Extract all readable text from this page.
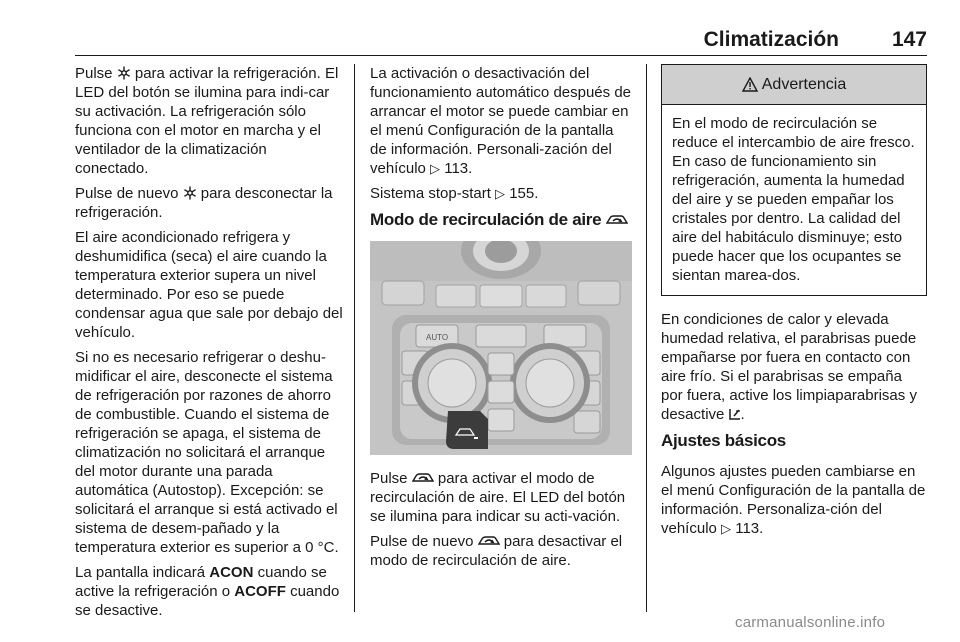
Climatización	147

Pulse  para activar la refrigeración. El LED del botón se ilumina para indi-car su activación. La refrigeración sólo funciona con el motor en marcha y el ventilador de la climatización conectado.

Pulse de nuevo  para desconectar la refrigeración.

El aire acondicionado refrigera y deshumidifica (seca) el aire cuando la temperatura exterior supera un nivel determinado. Por eso se puede condensar agua que sale por debajo del vehículo.

Si no es necesario refrigerar o deshu-midificar el aire, desconecte el sistema de refrigeración por razones de ahorro de combustible. Cuando el sistema de refrigeración se apaga, el sistema de climatización no solicitará el arranque del motor durante una parada automática (Autostop). Excepción: se solicitará el arranque si está activado el sistema de desem-pañado y la temperatura exterior es superior a 0 °C.

La pantalla indicará ACON cuando se active la refrigeración o ACOFF cuando se desactive.

La activación o desactivación del funcionamiento automático después de arrancar el motor se puede cambiar en el menú Configuración de la pantalla de información. Personali-zación del vehículo ▷ 113.

Sistema stop-start ▷ 155.

Modo de recirculación de aire
AUTO

Pulse  para activar el modo de recirculación de aire. El LED del botón se ilumina para indicar su acti-vación.

Pulse de nuevo  para desactivar el modo de recirculación de aire.

Advertencia
En el modo de recirculación se reduce el intercambio de aire fresco. En caso de funcionamiento sin refrigeración, aumenta la humedad del aire y se pueden empañar los cristales por dentro. La calidad del aire del habitáculo disminuye; esto puede hacer que los ocupantes se sientan marea-dos.

En condiciones de calor y elevada humedad relativa, el parabrisas puede empañarse por fuera en contacto con aire frío. Si el parabrisas se empaña por fuera, active los limpiaparabrisas y desactive .

Ajustes básicos

Algunos ajustes pueden cambiarse en el menú Configuración de la pantalla de información. Personaliza-ción del vehículo ▷ 113.

carmanualsonline.info
